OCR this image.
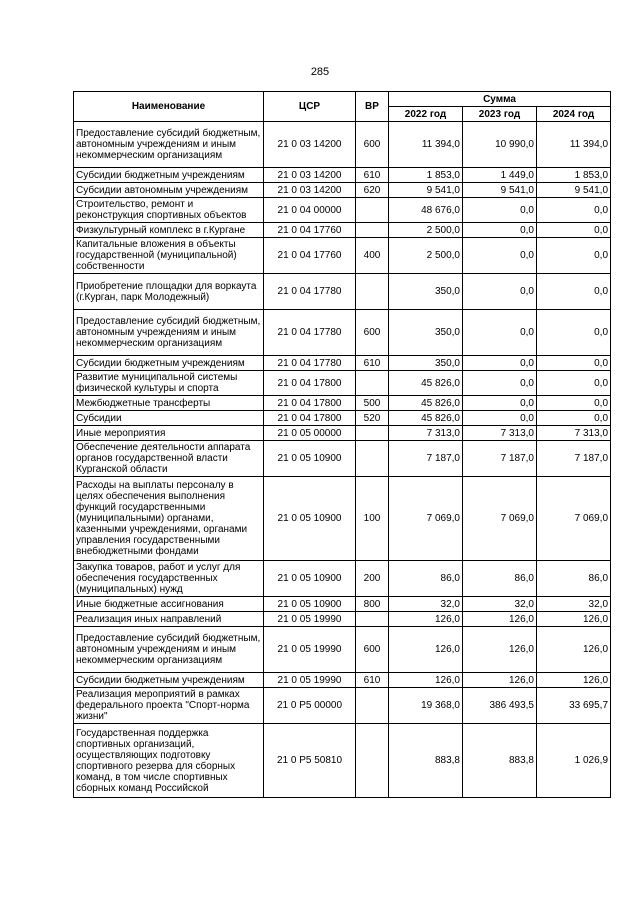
285
Наименование	ЦСР	ВР	Сумма		
			2022 год	2023 год	2024 год
Предоставление субсидий бюджетным, автономным учреждениям и иным некоммерческим организациям	21 0 03 14200	600	11 394,0	10 990,0	11 394,0
Субсидии бюджетным учреждениям	21 0 03 14200	610	1 853,0	1 449,0	1 853,0
Субсидии автономным учреждениям	21 0 03 14200	620	9 541,0	9 541,0	9 541,0
Строительство, ремонт и реконструкция спортивных объектов	21 0 04 00000		48 676,0	0,0	0,0
Физкультурный комплекс в г.Кургане	21 0 04 17760		2 500,0	0,0	0,0
Капитальные вложения в объекты государственной (муниципальной) собственности	21 0 04 17760	400	2 500,0	0,0	0,0
Приобретение площадки для воркаута (г.Курган, парк Молодежный)	21 0 04 17780		350,0	0,0	0,0
Предоставление субсидий бюджетным, автономным учреждениям и иным некоммерческим организациям	21 0 04 17780	600	350,0	0,0	0,0
Субсидии бюджетным учреждениям	21 0 04 17780	610	350,0	0,0	0,0
Развитие муниципальной системы физической культуры и спорта	21 0 04 17800		45 826,0	0,0	0,0
Межбюджетные трансферты	21 0 04 17800	500	45 826,0	0,0	0,0
Субсидии	21 0 04 17800	520	45 826,0	0,0	0,0
Иные мероприятия	21 0 05 00000		7 313,0	7 313,0	7 313,0
Обеспечение деятельности аппарата органов государственной власти Курганской области	21 0 05 10900		7 187,0	7 187,0	7 187,0
Расходы на выплаты персоналу в целях обеспечения выполнения функций государственными (муниципальными) органами, казенными учреждениями, органами управления государственными внебюджетными фондами	21 0 05 10900	100	7 069,0	7 069,0	7 069,0
Закупка товаров, работ и услуг для обеспечения государственных (муниципальных) нужд	21 0 05 10900	200	86,0	86,0	86,0
Иные бюджетные ассигнования	21 0 05 10900	800	32,0	32,0	32,0
Реализация иных направлений	21 0 05 19990		126,0	126,0	126,0
Предоставление субсидий бюджетным, автономным учреждениям и иным некоммерческим организациям	21 0 05 19990	600	126,0	126,0	126,0
Субсидии бюджетным учреждениям	21 0 05 19990	610	126,0	126,0	126,0
Реализация мероприятий в рамках федерального проекта "Спорт-норма жизни"	21 0 P5 00000		19 368,0	386 493,5	33 695,7
Государственная поддержка спортивных организаций, осуществляющих подготовку спортивного резерва для сборных команд, в том числе спортивных сборных команд Российской	21 0 P5 50810		883,8	883,8	1 026,9
